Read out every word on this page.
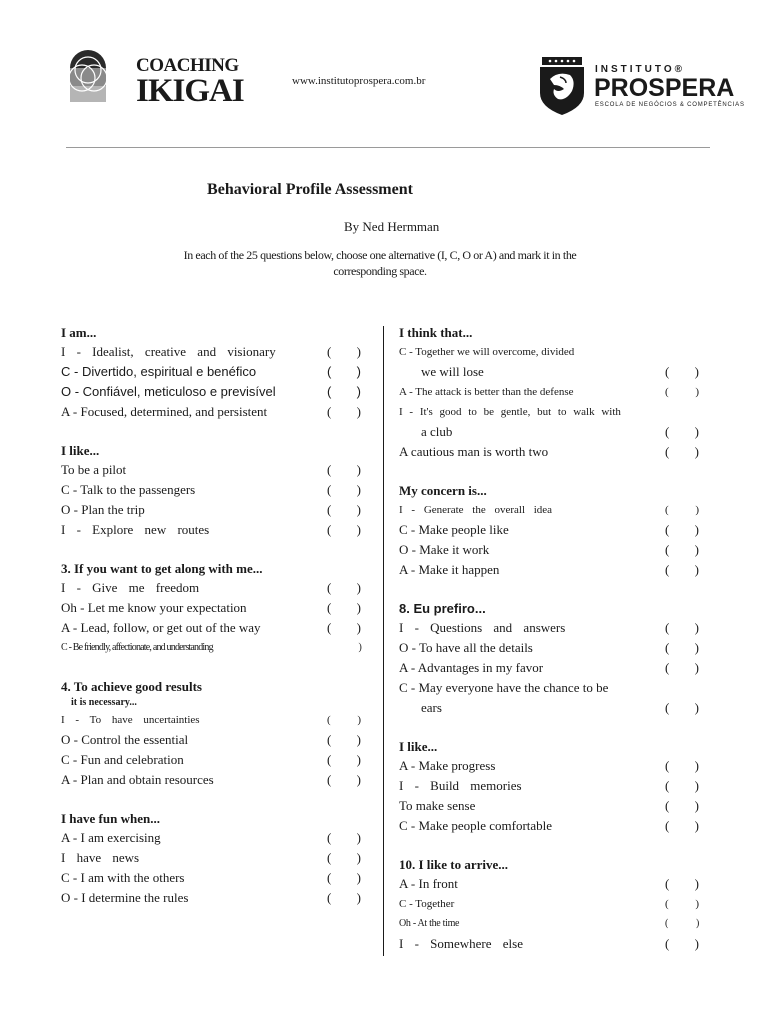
COACHING
IKIGAI	www.institutoprospera.com.br
INSTITUTO®
PROSPERA
ESCOLA DE NEGÓCIOS & COMPETÊNCIAS
Behavioral Profile Assessment
By Ned Hermman
In each of the 25 questions below, choose one alternative (I, C, O or A) and mark it in the
corresponding space.
I am...
I - Idealist, creative and visionary	( )
C - Divertido, espiritual e benéfico	( )
O - Confiável, meticuloso e previsível	( )
A - Focused, determined, and persistent	( )
I like...
To be a pilot	( )
C - Talk to the passengers	( )
O - Plan the trip	( )
I - Explore new routes	( )
3. If you want to get along with me...
I - Give me freedom	( )
Oh - Let me know your expectation	( )
A - Lead, follow, or get out of the way	( )
C - Be friendly, affectionate, and understanding	)
4. To achieve good results
it is necessary...
I - To have uncertainties	( )
O - Control the essential	( )
C - Fun and celebration	( )
A - Plan and obtain resources	( )
I have fun when...
A - I am exercising	( )
I have news	( )
C - I am with the others	( )
O - I determine the rules	( )
I think that...
C - Together we will overcome, divided
we will lose	( )
A - The attack is better than the defense	( )
I - It's good to be gentle, but to walk with
a club	( )
A cautious man is worth two	( )
My concern is...
I - Generate the overall idea	( )
C - Make people like	( )
O - Make it work	( )
A - Make it happen	( )
8. Eu prefiro...
I - Questions and answers	( )
O - To have all the details	( )
A - Advantages in my favor	( )
C - May everyone have the chance to be
ears	( )
I like...
A - Make progress	( )
I - Build memories	( )
To make sense	( )
C - Make people comfortable	( )
10. I like to arrive...
A - In front	( )
C - Together	( )
Oh - At the time	(	)
I - Somewhere else	( )
